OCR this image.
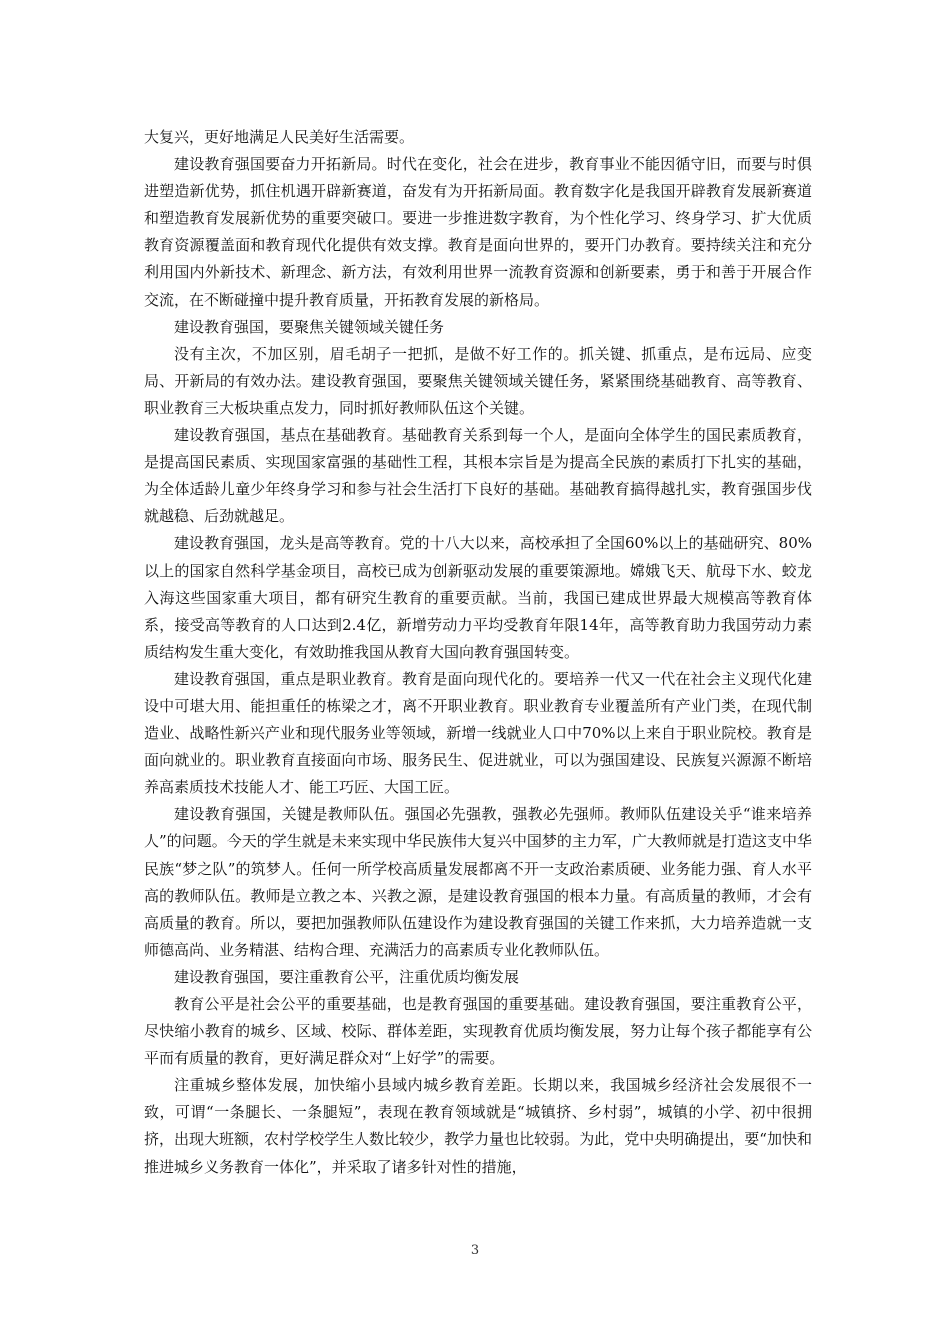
大复兴，更好地满足人民美好生活需要。

建设教育强国要奋力开拓新局。时代在变化，社会在进步，教育事业不能因循守旧，而要与时俱进塑造新优势，抓住机遇开辟新赛道，奋发有为开拓新局面。教育数字化是我国开辟教育发展新赛道和塑造教育发展新优势的重要突破口。要进一步推进数字教育，为个性化学习、终身学习、扩大优质教育资源覆盖面和教育现代化提供有效支撑。教育是面向世界的，要开门办教育。要持续关注和充分利用国内外新技术、新理念、新方法，有效利用世界一流教育资源和创新要素，勇于和善于开展合作交流，在不断碰撞中提升教育质量，开拓教育发展的新格局。

建设教育强国，要聚焦关键领域关键任务

没有主次，不加区别，眉毛胡子一把抓，是做不好工作的。抓关键、抓重点，是布远局、应变局、开新局的有效办法。建设教育强国，要聚焦关键领域关键任务，紧紧围绕基础教育、高等教育、职业教育三大板块重点发力，同时抓好教师队伍这个关键。

建设教育强国，基点在基础教育。基础教育关系到每一个人，是面向全体学生的国民素质教育，是提高国民素质、实现国家富强的基础性工程，其根本宗旨是为提高全民族的素质打下扎实的基础，为全体适龄儿童少年终身学习和参与社会生活打下良好的基础。基础教育搞得越扎实，教育强国步伐就越稳、后劲就越足。

建设教育强国，龙头是高等教育。党的十八大以来，高校承担了全国60%以上的基础研究、80%以上的国家自然科学基金项目，高校已成为创新驱动发展的重要策源地。嫦娥飞天、航母下水、蛟龙入海这些国家重大项目，都有研究生教育的重要贡献。当前，我国已建成世界最大规模高等教育体系，接受高等教育的人口达到2.4亿，新增劳动力平均受教育年限14年，高等教育助力我国劳动力素质结构发生重大变化，有效助推我国从教育大国向教育强国转变。

建设教育强国，重点是职业教育。教育是面向现代化的。要培养一代又一代在社会主义现代化建设中可堪大用、能担重任的栋梁之才，离不开职业教育。职业教育专业覆盖所有产业门类，在现代制造业、战略性新兴产业和现代服务业等领域，新增一线就业人口中70%以上来自于职业院校。教育是面向就业的。职业教育直接面向市场、服务民生、促进就业，可以为强国建设、民族复兴源源不断培养高素质技术技能人才、能工巧匠、大国工匠。

建设教育强国，关键是教师队伍。强国必先强教，强教必先强师。教师队伍建设关乎“谁来培养人”的问题。今天的学生就是未来实现中华民族伟大复兴中国梦的主力军，广大教师就是打造这支中华民族“梦之队”的筑梦人。任何一所学校高质量发展都离不开一支政治素质硬、业务能力强、育人水平高的教师队伍。教师是立教之本、兴教之源，是建设教育强国的根本力量。有高质量的教师，才会有高质量的教育。所以，要把加强教师队伍建设作为建设教育强国的关键工作来抓，大力培养造就一支师德高尚、业务精湛、结构合理、充满活力的高素质专业化教师队伍。

建设教育强国，要注重教育公平，注重优质均衡发展

教育公平是社会公平的重要基础，也是教育强国的重要基础。建设教育强国，要注重教育公平，尽快缩小教育的城乡、区域、校际、群体差距，实现教育优质均衡发展，努力让每个孩子都能享有公平而有质量的教育，更好满足群众对“上好学”的需要。

注重城乡整体发展，加快缩小县域内城乡教育差距。长期以来，我国城乡经济社会发展很不一致，可谓“一条腿长、一条腿短”，表现在教育领域就是“城镇挤、乡村弱”，城镇的小学、初中很拥挤，出现大班额，农村学校学生人数比较少，教学力量也比较弱。为此，党中央明确提出，要“加快和推进城乡义务教育一体化”，并采取了诸多针对性的措施，

3
